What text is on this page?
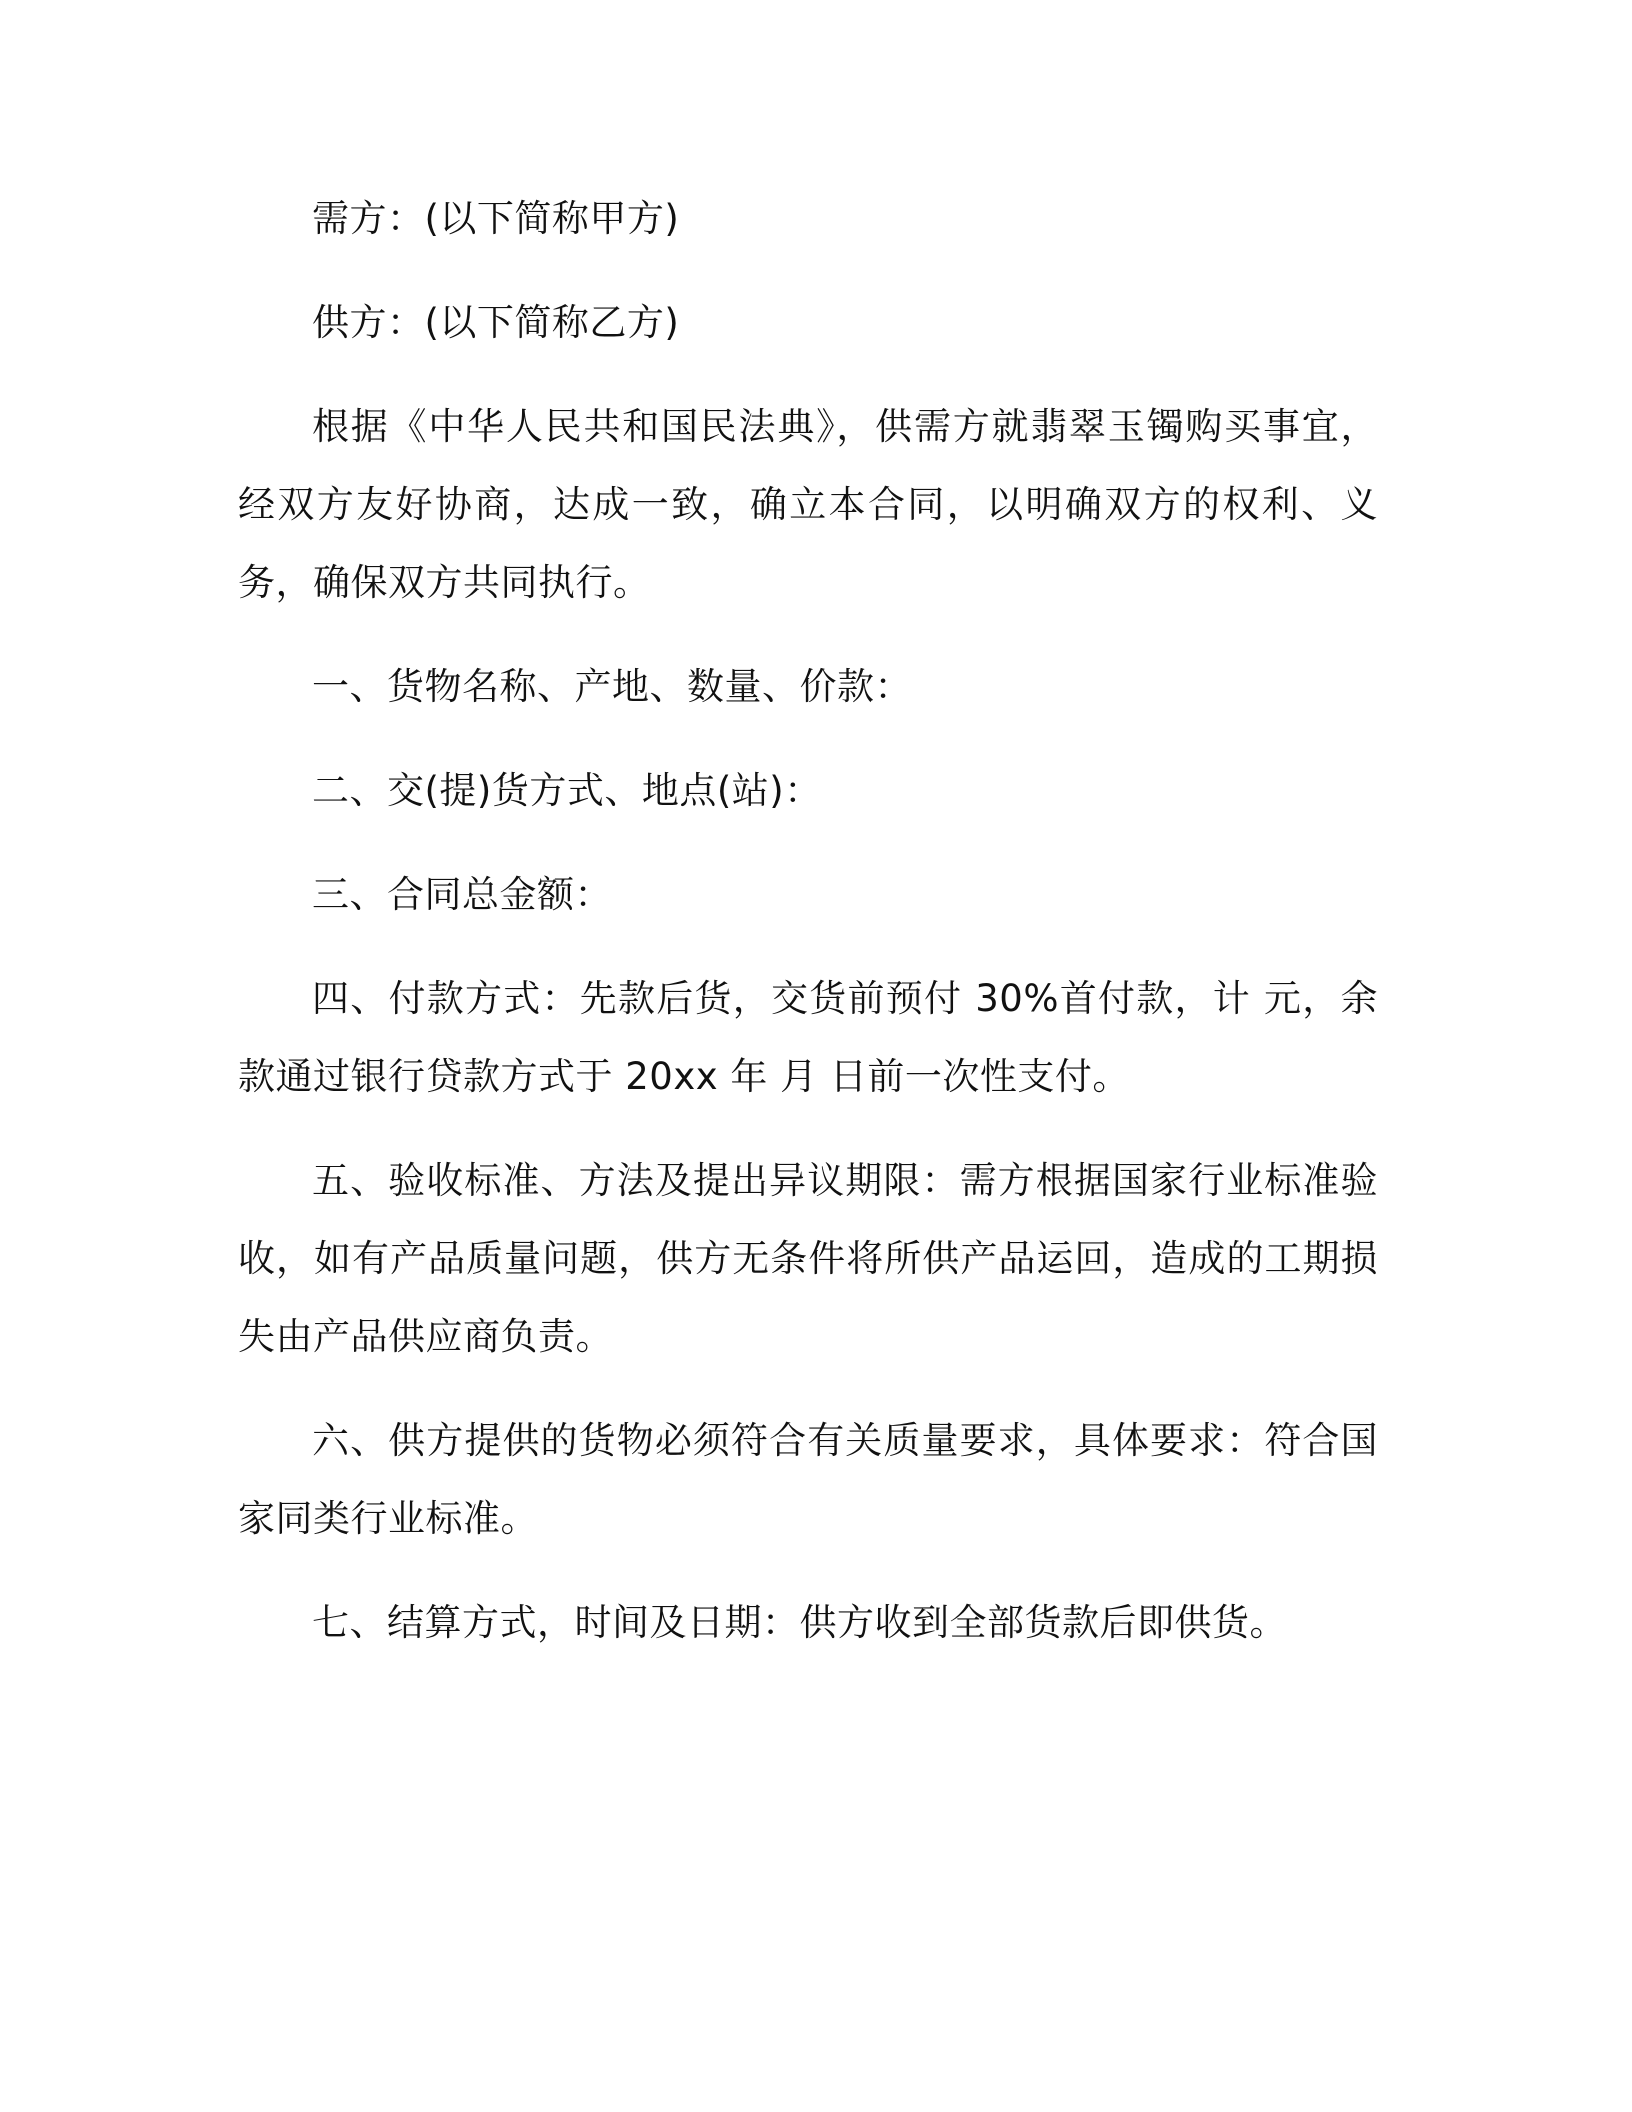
需方：(以下简称甲方)

供方：(以下简称乙方)

根据《中华人民共和国民法典》，供需方就翡翠玉镯购买事宜，经双方友好协商，达成一致，确立本合同，以明确双方的权利、义务，确保双方共同执行。

一、货物名称、产地、数量、价款：

二、交(提)货方式、地点(站)：

三、合同总金额：

四、付款方式：先款后货，交货前预付 30%首付款，计 元，余款通过银行贷款方式于 20xx 年 月 日前一次性支付。

五、验收标准、方法及提出异议期限：需方根据国家行业标准验收，如有产品质量问题，供方无条件将所供产品运回，造成的工期损失由产品供应商负责。

六、供方提供的货物必须符合有关质量要求，具体要求：符合国家同类行业标准。

七、结算方式，时间及日期：供方收到全部货款后即供货。
